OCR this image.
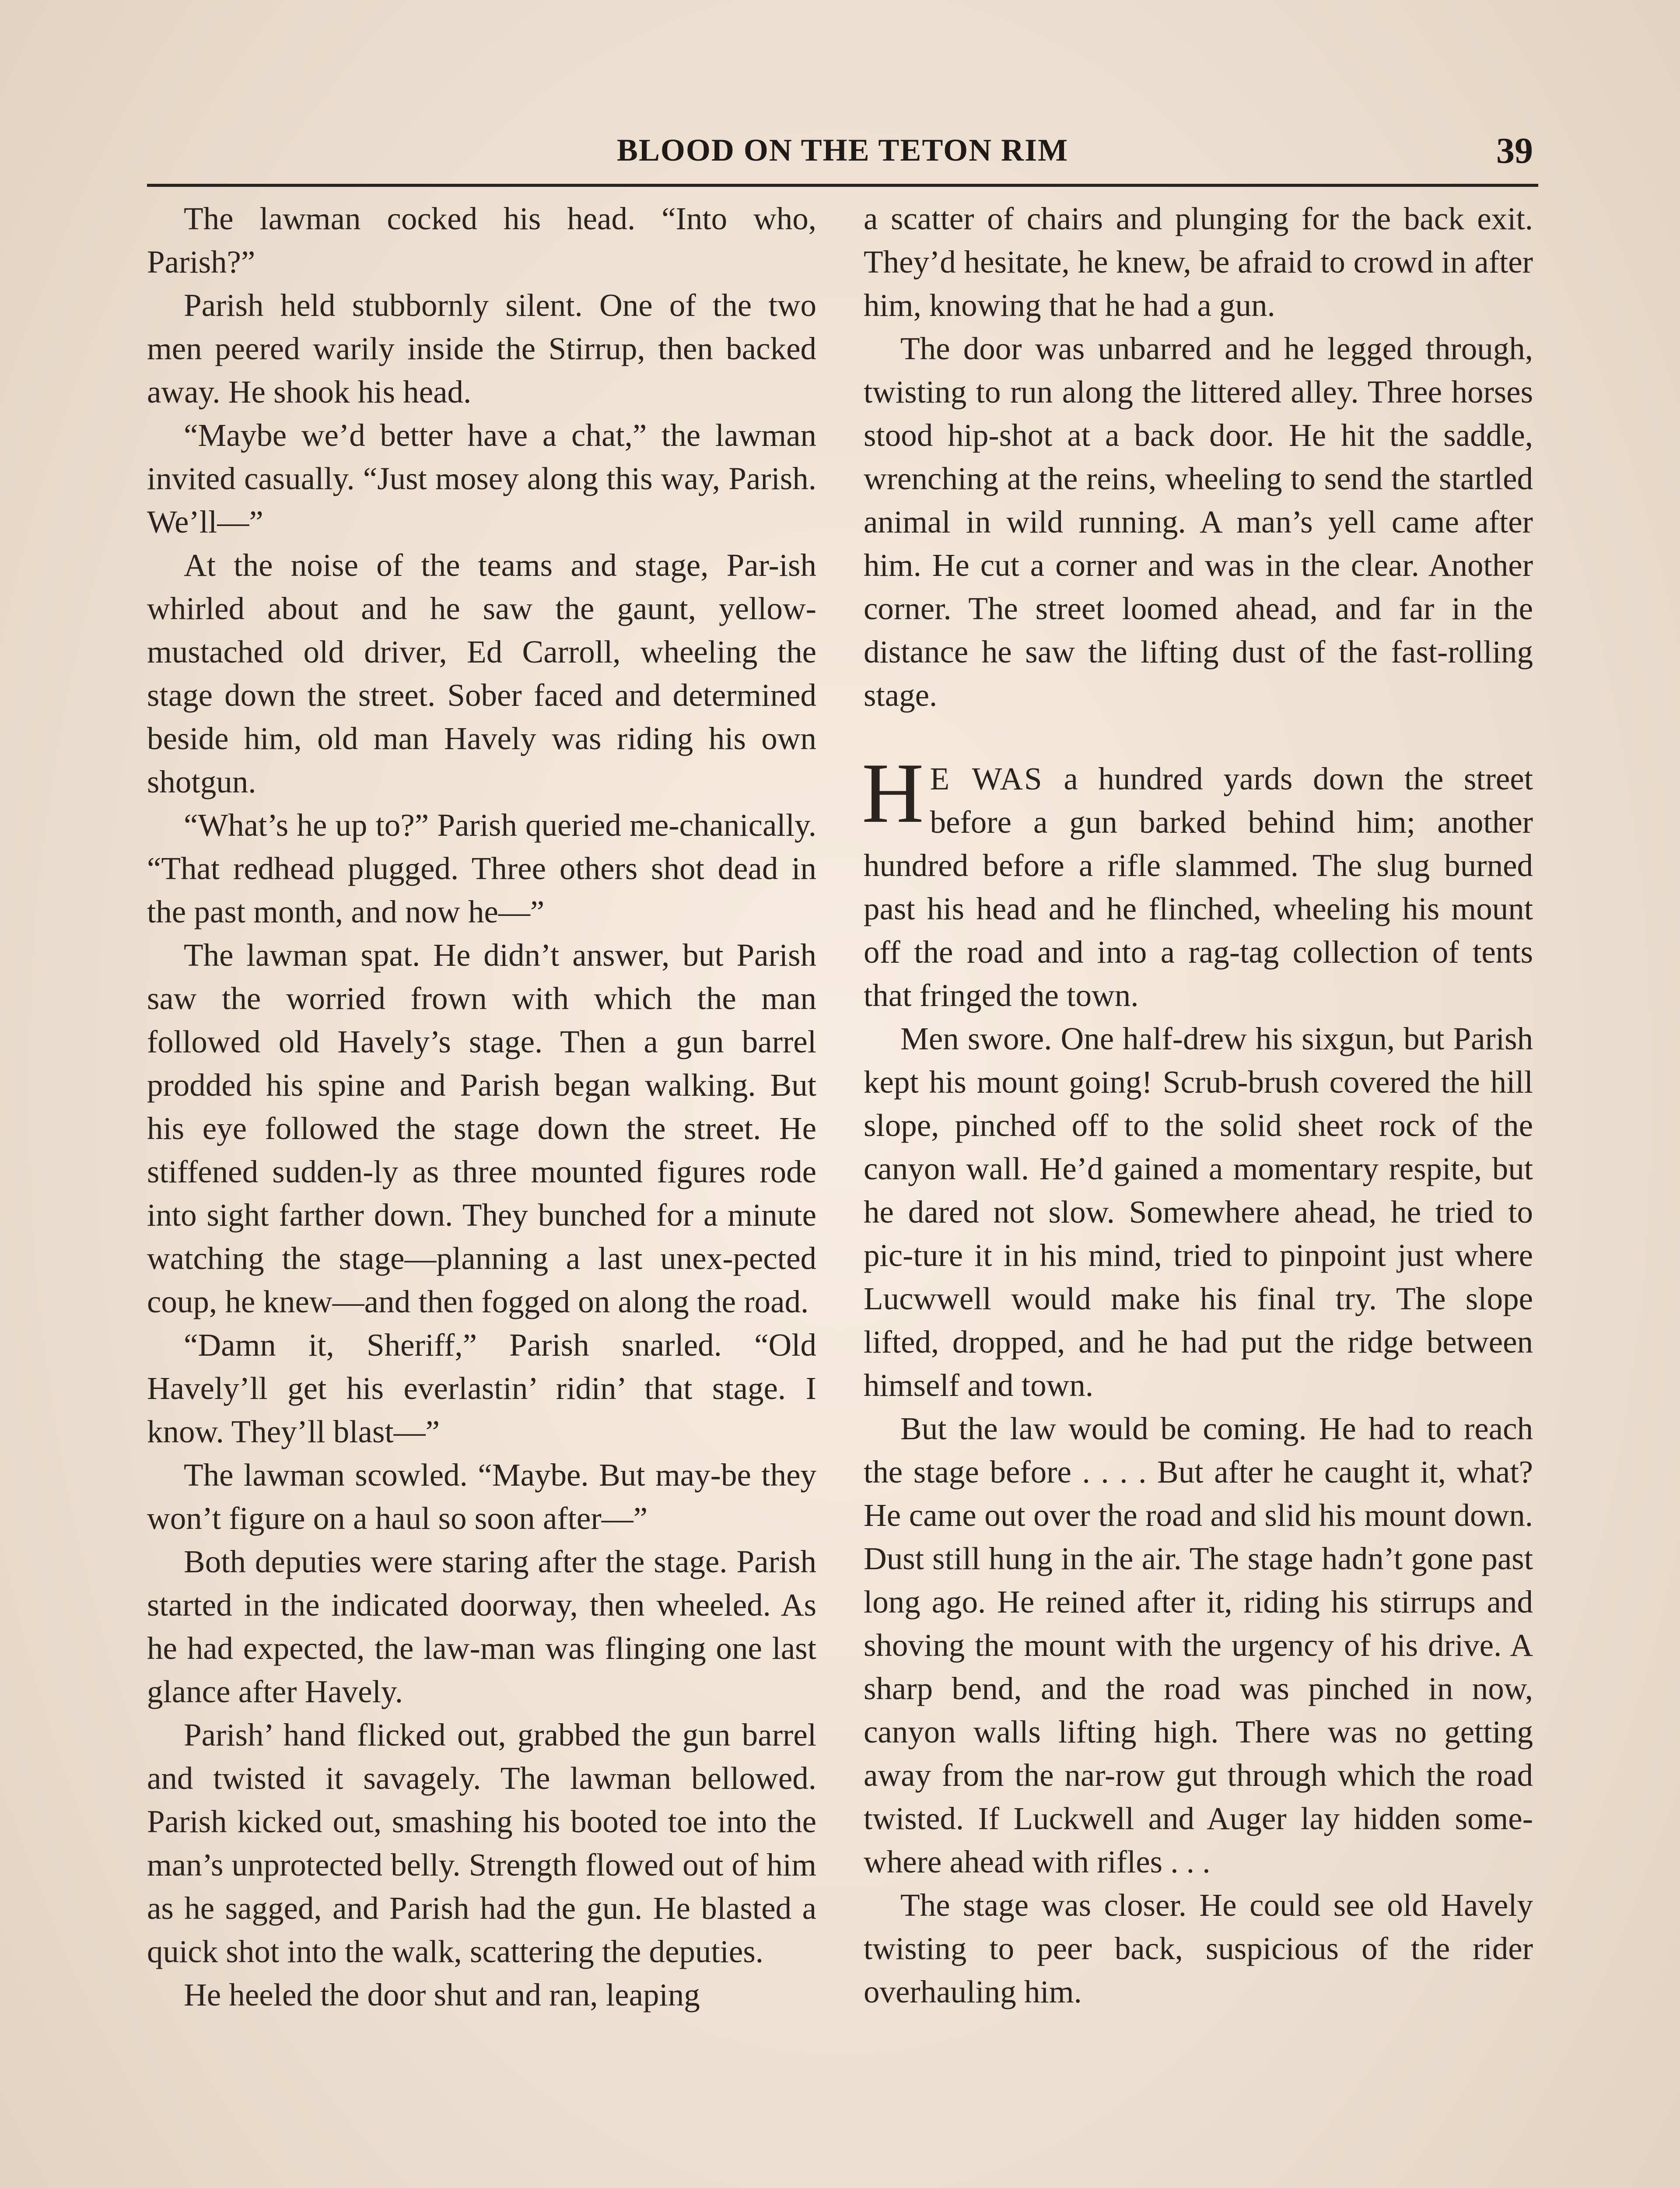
BLOOD ON THE TETON RIM	39

The lawman cocked his head. “Into who, Parish?”

Parish held stubbornly silent. One of the two men peered warily inside the Stirrup, then backed away. He shook his head.

“Maybe we’d better have a chat,” the lawman invited casually. “Just mosey along this way, Parish. We’ll—”

At the noise of the teams and stage, Par-ish whirled about and he saw the gaunt, yellow-mustached old driver, Ed Carroll, wheeling the stage down the street. Sober faced and determined beside him, old man Havely was riding his own shotgun.

“What’s he up to?” Parish queried me-chanically. “That redhead plugged. Three others shot dead in the past month, and now he—”

The lawman spat. He didn’t answer, but Parish saw the worried frown with which the man followed old Havely’s stage. Then a gun barrel prodded his spine and Parish began walking. But his eye followed the stage down the street. He stiffened sudden-ly as three mounted figures rode into sight farther down. They bunched for a minute watching the stage—planning a last unex-pected coup, he knew—and then fogged on along the road.

“Damn it, Sheriff,” Parish snarled. “Old Havely’ll get his everlastin’ ridin’ that stage. I know. They’ll blast—”

The lawman scowled. “Maybe. But may-be they won’t figure on a haul so soon after—”

Both deputies were staring after the stage. Parish started in the indicated doorway, then wheeled. As he had expected, the law-man was flinging one last glance after Havely.

Parish’ hand flicked out, grabbed the gun barrel and twisted it savagely. The lawman bellowed. Parish kicked out, smashing his booted toe into the man’s unprotected belly. Strength flowed out of him as he sagged, and Parish had the gun. He blasted a quick shot into the walk, scattering the deputies.

He heeled the door shut and ran, leaping

a scatter of chairs and plunging for the back exit. They’d hesitate, he knew, be afraid to crowd in after him, knowing that he had a gun.

The door was unbarred and he legged through, twisting to run along the littered alley. Three horses stood hip-shot at a back door. He hit the saddle, wrenching at the reins, wheeling to send the startled animal in wild running. A man’s yell came after him. He cut a corner and was in the clear. Another corner. The street loomed ahead, and far in the distance he saw the lifting dust of the fast-rolling stage.

H E WAS a hundred yards down the street before a gun barked behind him; another hundred before a rifle slammed. The slug burned past his head and he flinched, wheeling his mount off the road and into a rag-tag collection of tents that fringed the town.

Men swore. One half-drew his sixgun, but Parish kept his mount going! Scrub-brush covered the hill slope, pinched off to the solid sheet rock of the canyon wall. He’d gained a momentary respite, but he dared not slow. Somewhere ahead, he tried to pic-ture it in his mind, tried to pinpoint just where Lucwwell would make his final try. The slope lifted, dropped, and he had put the ridge between himself and town.

But the law would be coming. He had to reach the stage before . . . . But after he caught it, what? He came out over the road and slid his mount down. Dust still hung in the air. The stage hadn’t gone past long ago. He reined after it, riding his stirrups and shoving the mount with the urgency of his drive. A sharp bend, and the road was pinched in now, canyon walls lifting high. There was no getting away from the nar-row gut through which the road twisted. If Luckwell and Auger lay hidden some-where ahead with rifles . . .

The stage was closer. He could see old Havely twisting to peer back, suspicious of the rider overhauling him.
